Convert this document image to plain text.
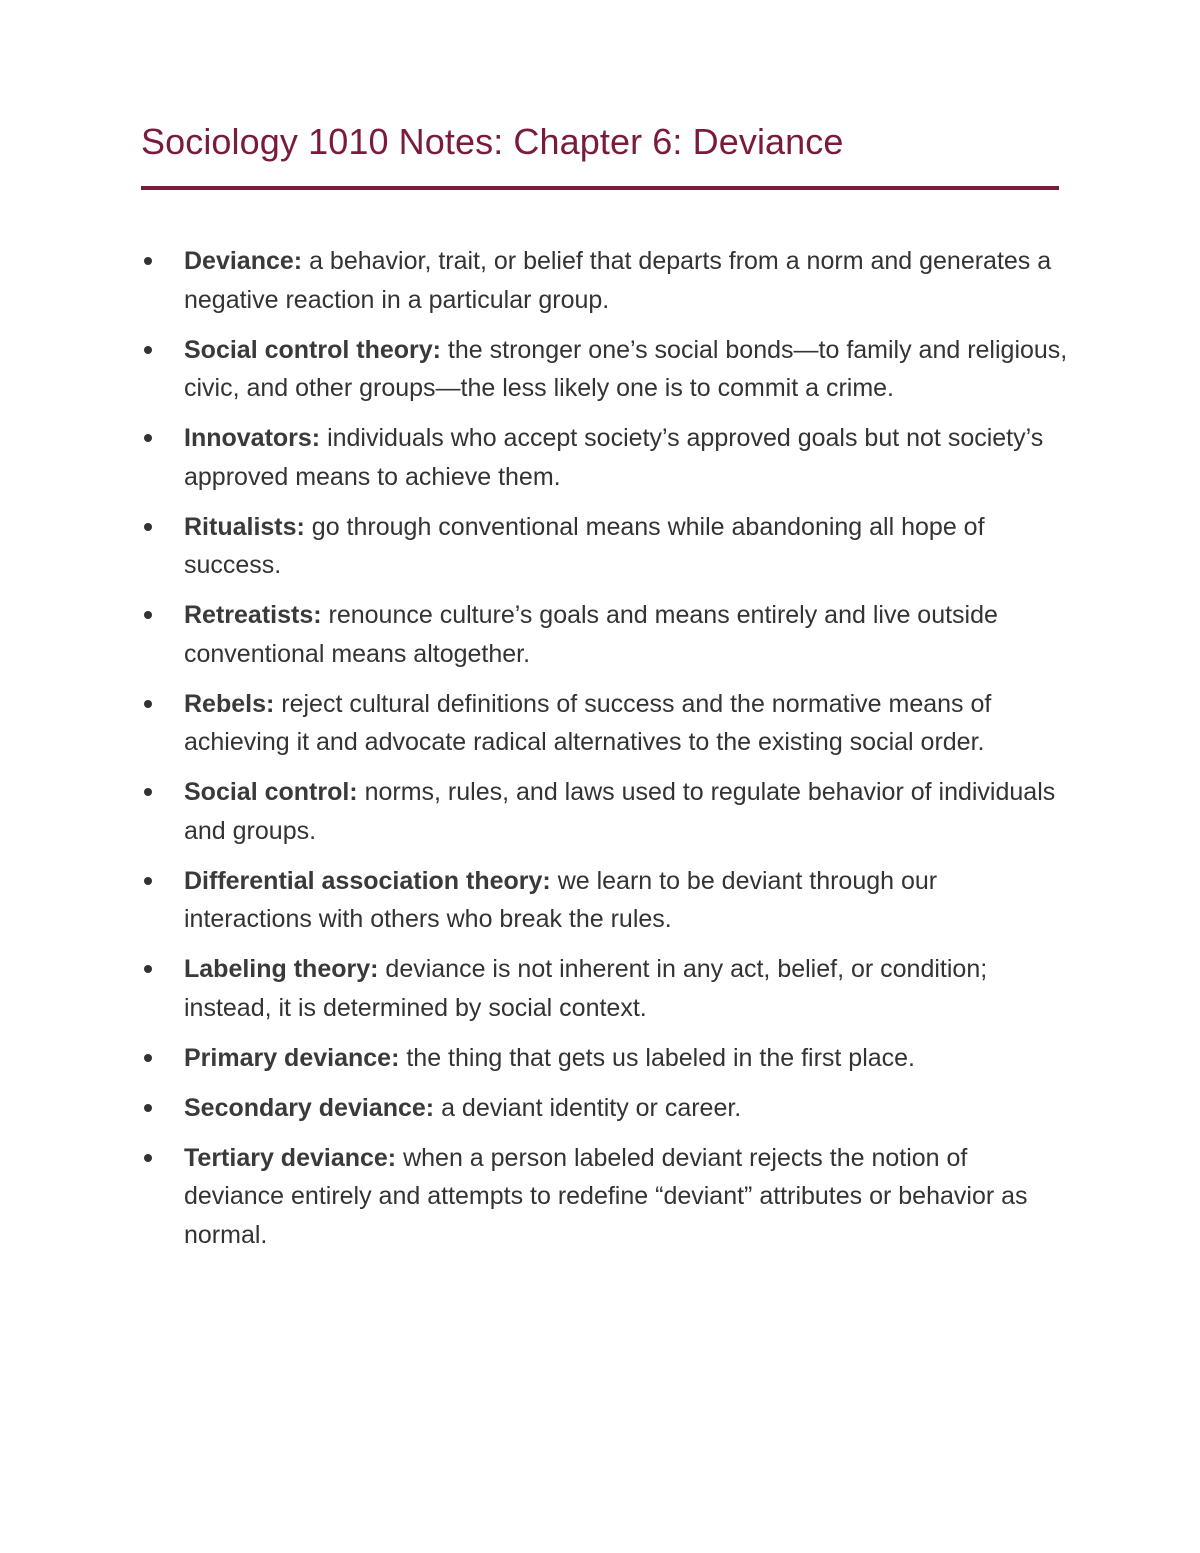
Sociology 1010 Notes: Chapter 6: Deviance
Deviance: a behavior, trait, or belief that departs from a norm and generates a negative reaction in a particular group.
Social control theory: the stronger one’s social bonds—to family and religious, civic, and other groups—the less likely one is to commit a crime.
Innovators: individuals who accept society’s approved goals but not society’s approved means to achieve them.
Ritualists: go through conventional means while abandoning all hope of success.
Retreatists: renounce culture’s goals and means entirely and live outside conventional means altogether.
Rebels: reject cultural definitions of success and the normative means of achieving it and advocate radical alternatives to the existing social order.
Social control: norms, rules, and laws used to regulate behavior of individuals and groups.
Differential association theory: we learn to be deviant through our interactions with others who break the rules.
Labeling theory: deviance is not inherent in any act, belief, or condition; instead, it is determined by social context.
Primary deviance: the thing that gets us labeled in the first place.
Secondary deviance: a deviant identity or career.
Tertiary deviance: when a person labeled deviant rejects the notion of deviance entirely and attempts to redefine “deviant” attributes or behavior as normal.
